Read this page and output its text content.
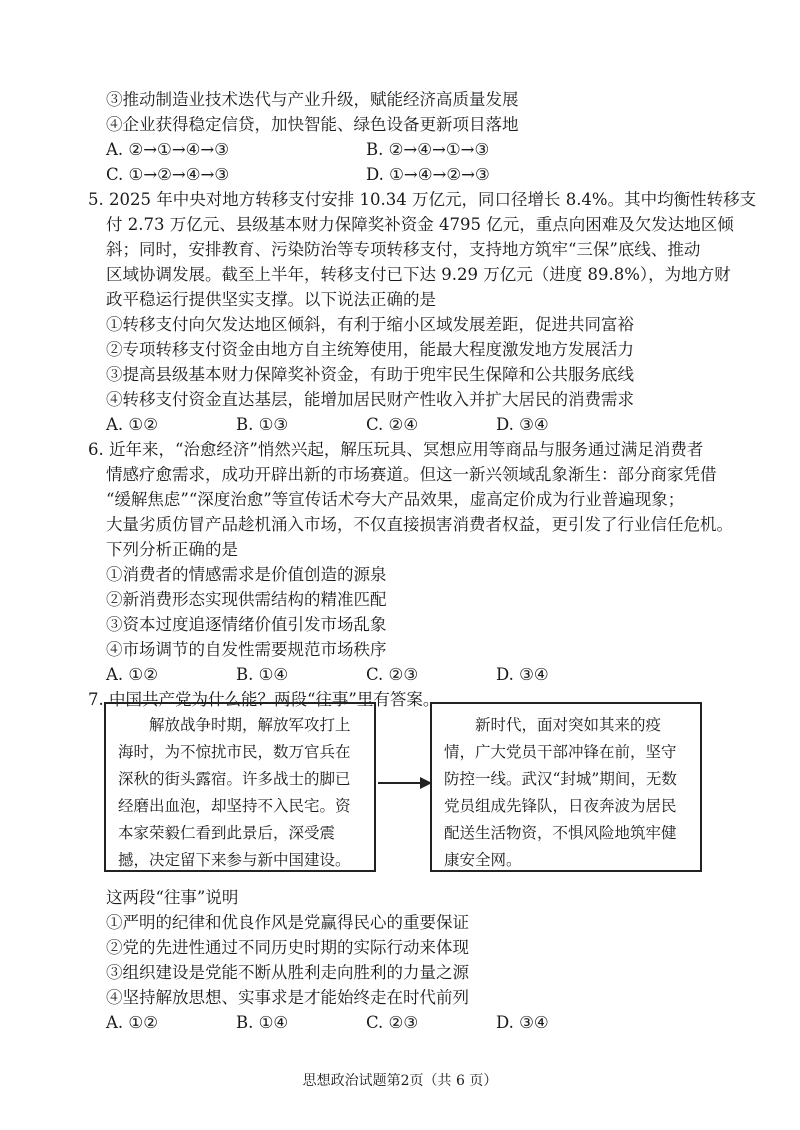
③推动制造业技术迭代与产业升级，赋能经济高质量发展
④企业获得稳定信贷，加快智能、绿色设备更新项目落地
A. ②→①→④→③	B. ②→④→①→③
C. ①→②→④→③	D. ①→④→②→③
5. 2025 年中央对地方转移支付安排 10.34 万亿元，同口径增长 8.4%。其中均衡性转移支
付 2.73 万亿元、县级基本财力保障奖补资金 4795 亿元，重点向困难及欠发达地区倾
斜；同时，安排教育、污染防治等专项转移支付，支持地方筑牢“三保”底线、推动
区域协调发展。截至上半年，转移支付已下达 9.29 万亿元（进度 89.8%），为地方财
政平稳运行提供坚实支撑。以下说法正确的是
①转移支付向欠发达地区倾斜，有利于缩小区域发展差距，促进共同富裕
②专项转移支付资金由地方自主统筹使用，能最大程度激发地方发展活力
③提高县级基本财力保障奖补资金，有助于兜牢民生保障和公共服务底线
④转移支付资金直达基层，能增加居民财产性收入并扩大居民的消费需求
A. ①②	B. ①③	C. ②④	D. ③④
6. 近年来，“治愈经济”悄然兴起，解压玩具、冥想应用等商品与服务通过满足消费者
情感疗愈需求，成功开辟出新的市场赛道。但这一新兴领域乱象渐生：部分商家凭借
“缓解焦虑”“深度治愈”等宣传话术夸大产品效果，虚高定价成为行业普遍现象；
大量劣质仿冒产品趁机涌入市场，不仅直接损害消费者权益，更引发了行业信任危机。
下列分析正确的是
①消费者的情感需求是价值创造的源泉
②新消费形态实现供需结构的精准匹配
③资本过度追逐情绪价值引发市场乱象
④市场调节的自发性需要规范市场秩序
A. ①②	B. ①④	C. ②③	D. ③④
7. 中国共产党为什么能？两段“往事”里有答案。

解放战争时期，解放军攻打上海时，为不惊扰市民，数万官兵在深秋的街头露宿。许多战士的脚已经磨出血泡，却坚持不入民宅。资本家荣毅仁看到此景后，深受震撼，决定留下来参与新中国建设。

新时代，面对突如其来的疫情，广大党员干部冲锋在前，坚守防控一线。武汉“封城”期间，无数党员组成先锋队，日夜奔波为居民配送生活物资，不惧风险地筑牢健康安全网。

这两段“往事”说明
①严明的纪律和优良作风是党赢得民心的重要保证
②党的先进性通过不同历史时期的实际行动来体现
③组织建设是党能不断从胜利走向胜利的力量之源
④坚持解放思想、实事求是才能始终走在时代前列
A. ①②	B. ①④	C. ②③	D. ③④
思想政治试题第2页（共 6 页）
